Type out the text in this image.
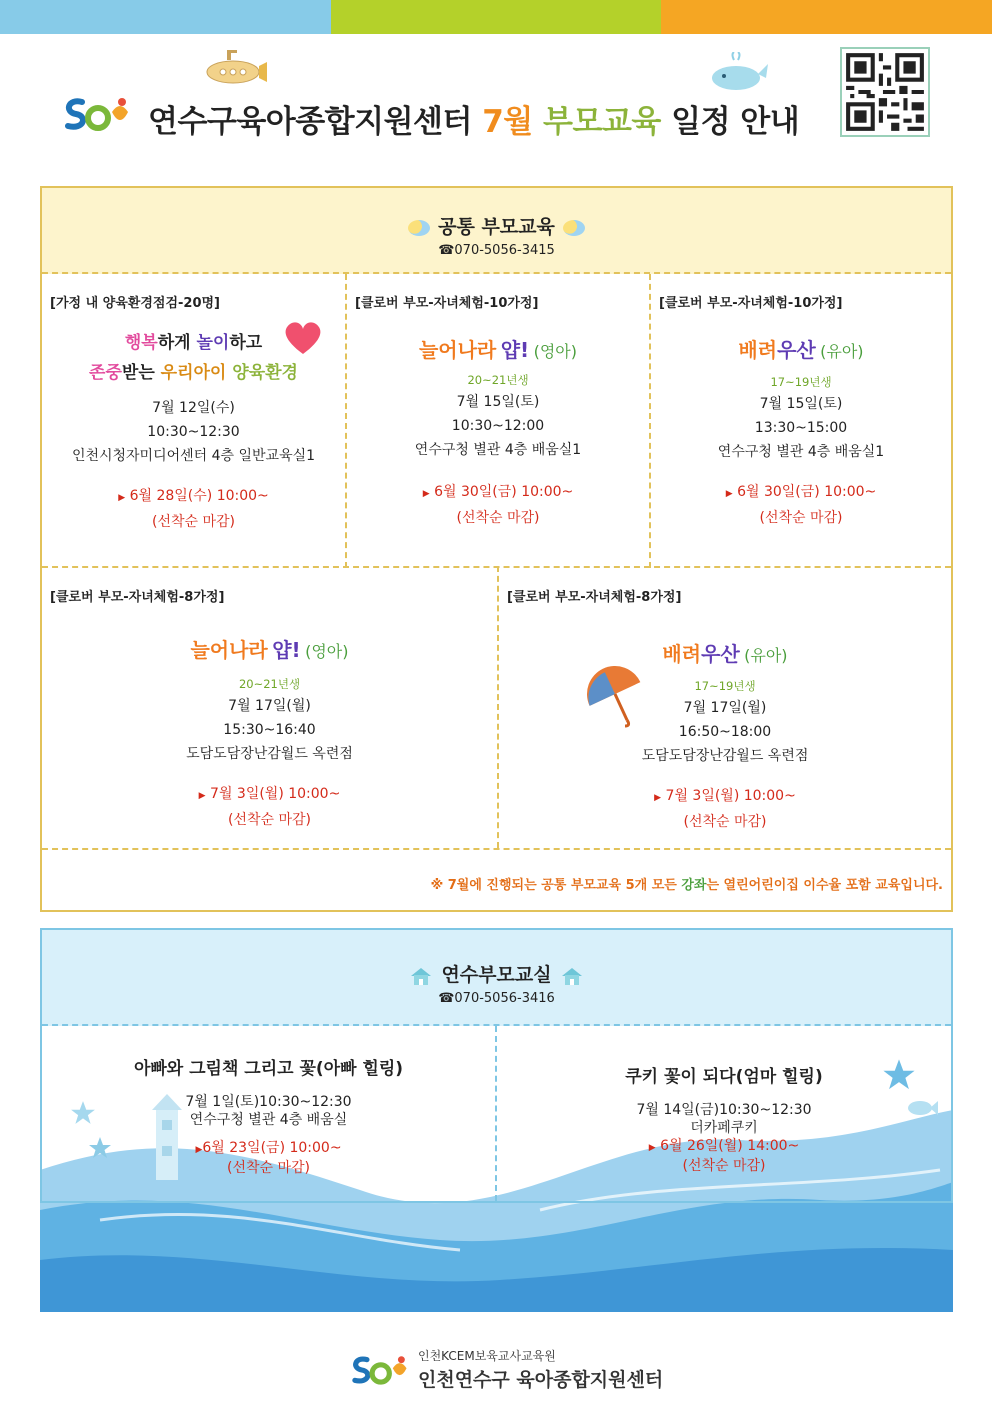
연수구육아종합지원센터 7월 부모교육 일정 안내
공통 부모교육
☎070-5056-3415
[가정 내 양육환경점검-20명]
행복하게 놀이하고
존중받는 우리아이 양육환경
7월 12일(수)
10:30~12:30
인천시청자미디어센터 4층 일반교육실1
▶ 6월 28일(수) 10:00~
(선착순 마감)
[클로버 부모-자녀체험-10가정]
늘어나라 얍! (영아)
20~21년생
7월 15일(토)
10:30~12:00
연수구청 별관 4층 배움실1
▶ 6월 30일(금) 10:00~
(선착순 마감)
[클로버 부모-자녀체험-10가정]
배려우산 (유아)
17~19년생
7월 15일(토)
13:30~15:00
연수구청 별관 4층 배움실1
▶ 6월 30일(금) 10:00~
(선착순 마감)
[클로버 부모-자녀체험-8가정]
늘어나라 얍! (영아)
20~21년생
7월 17일(월)
15:30~16:40
도담도담장난감월드 옥련점
▶ 7월 3일(월) 10:00~
(선착순 마감)
[클로버 부모-자녀체험-8가정]
배려우산 (유아)
17~19년생
7월 17일(월)
16:50~18:00
도담도담장난감월드 옥련점
▶ 7월 3일(월) 10:00~
(선착순 마감)
※ 7월에 진행되는 공통 부모교육 5개 모든 강좌는 열린어린이집 이수율 포함 교육입니다.
연수부모교실
☎070-5056-3416
아빠와 그림책 그리고 꽃(아빠 힐링)
7월 1일(토)10:30~12:30
연수구청 별관 4층 배움실
▶6월 23일(금) 10:00~
(선착순 마감)
쿠키 꽃이 되다(엄마 힐링)
7월 14일(금)10:30~12:30
더카페쿠키
▶ 6월 26일(월) 14:00~
(선착순 마감)
인천KCEM보육교사교육원
인천연수구 육아종합지원센터
